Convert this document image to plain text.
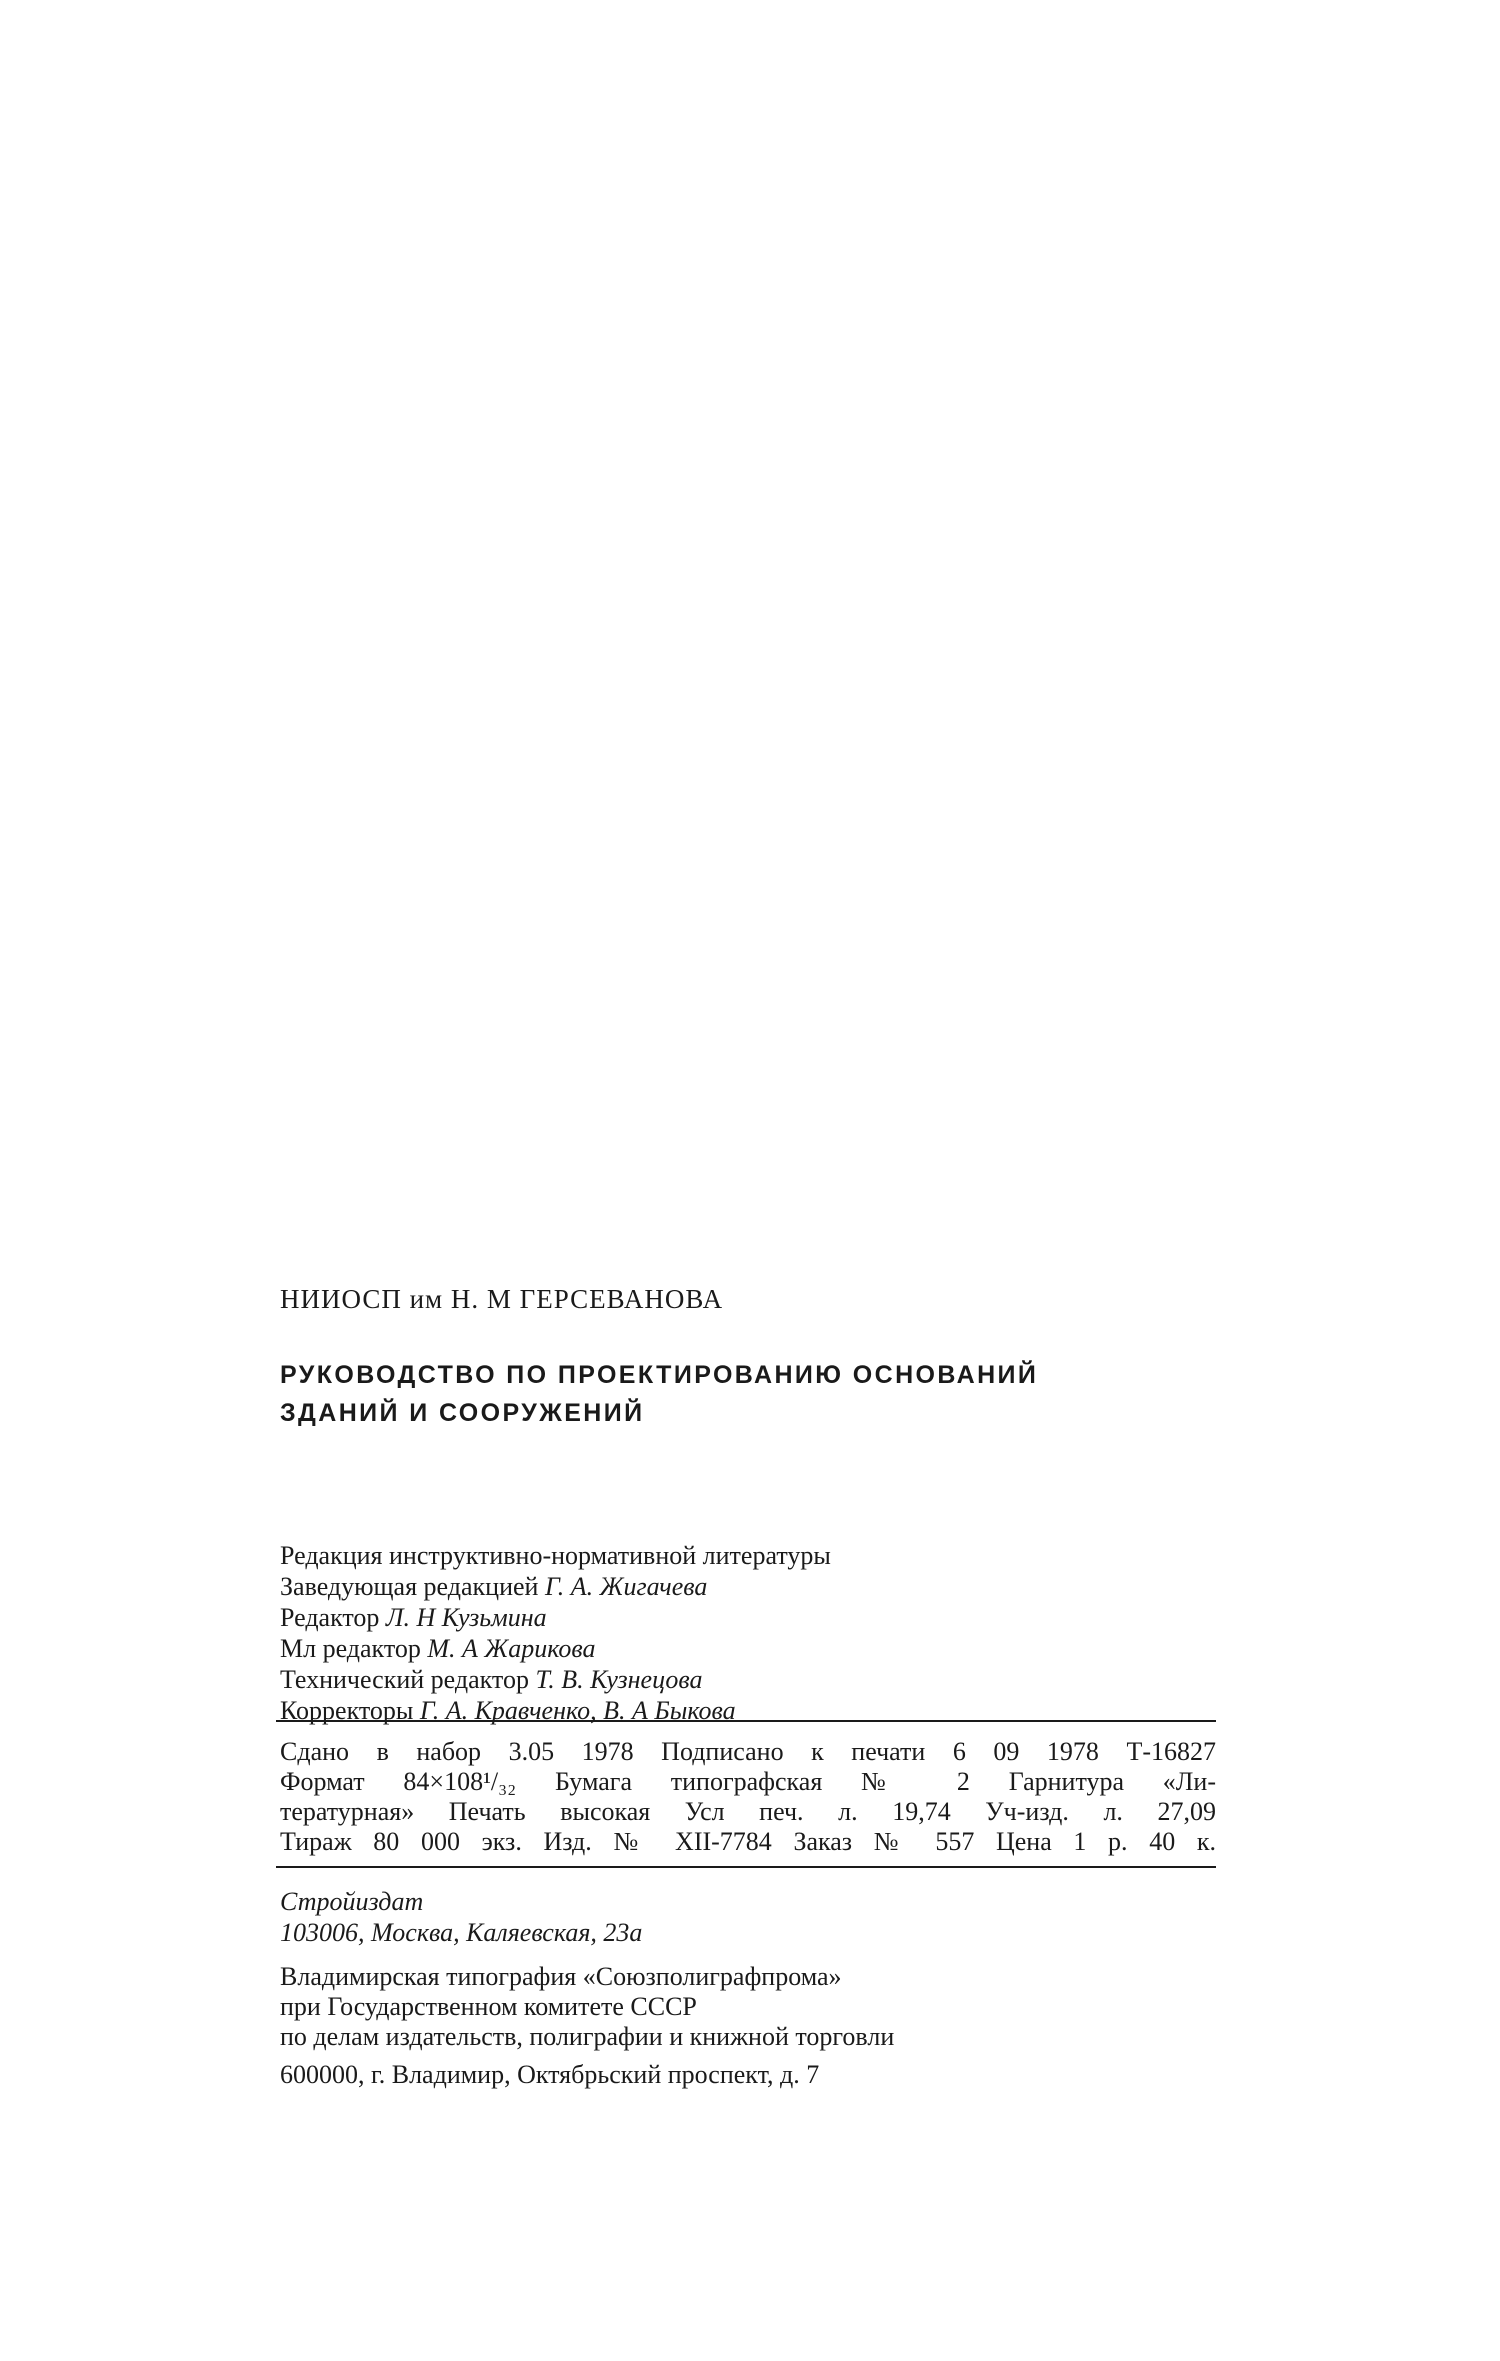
НИИОСП им Н. М ГЕРСЕВАНОВА
РУКОВОДСТВО ПО ПРОЕКТИРОВАНИЮ ОСНОВАНИЙ
ЗДАНИЙ И СООРУЖЕНИЙ
Редакция инструктивно-нормативной литературы
Заведующая редакцией Г. А. Жигачева
Редактор Л. Н Кузьмина
Мл редактор М. А Жарикова
Технический редактор Т. В. Кузнецова
Корректоры Г. А. Кравченко, В. А Быкова
Сдано в набор 3.05 1978 Подписано к печати 6 09 1978 Т-16827
Формат 84×108¹/₃₂ Бумага типографская № 2 Гарнитура «Ли-
тературная» Печать высокая Усл печ. л. 19,74 Уч-изд. л. 27,09
Тираж 80 000 экз. Изд. № XII-7784 Заказ № 557 Цена 1 р. 40 к.
Стройиздат
103006, Москва, Каляевская, 23а
Владимирская типография «Союзполиграфпрома»
при Государственном комитете СССР
по делам издательств, полиграфии и книжной торговли
600000, г. Владимир, Октябрьский проспект, д. 7
